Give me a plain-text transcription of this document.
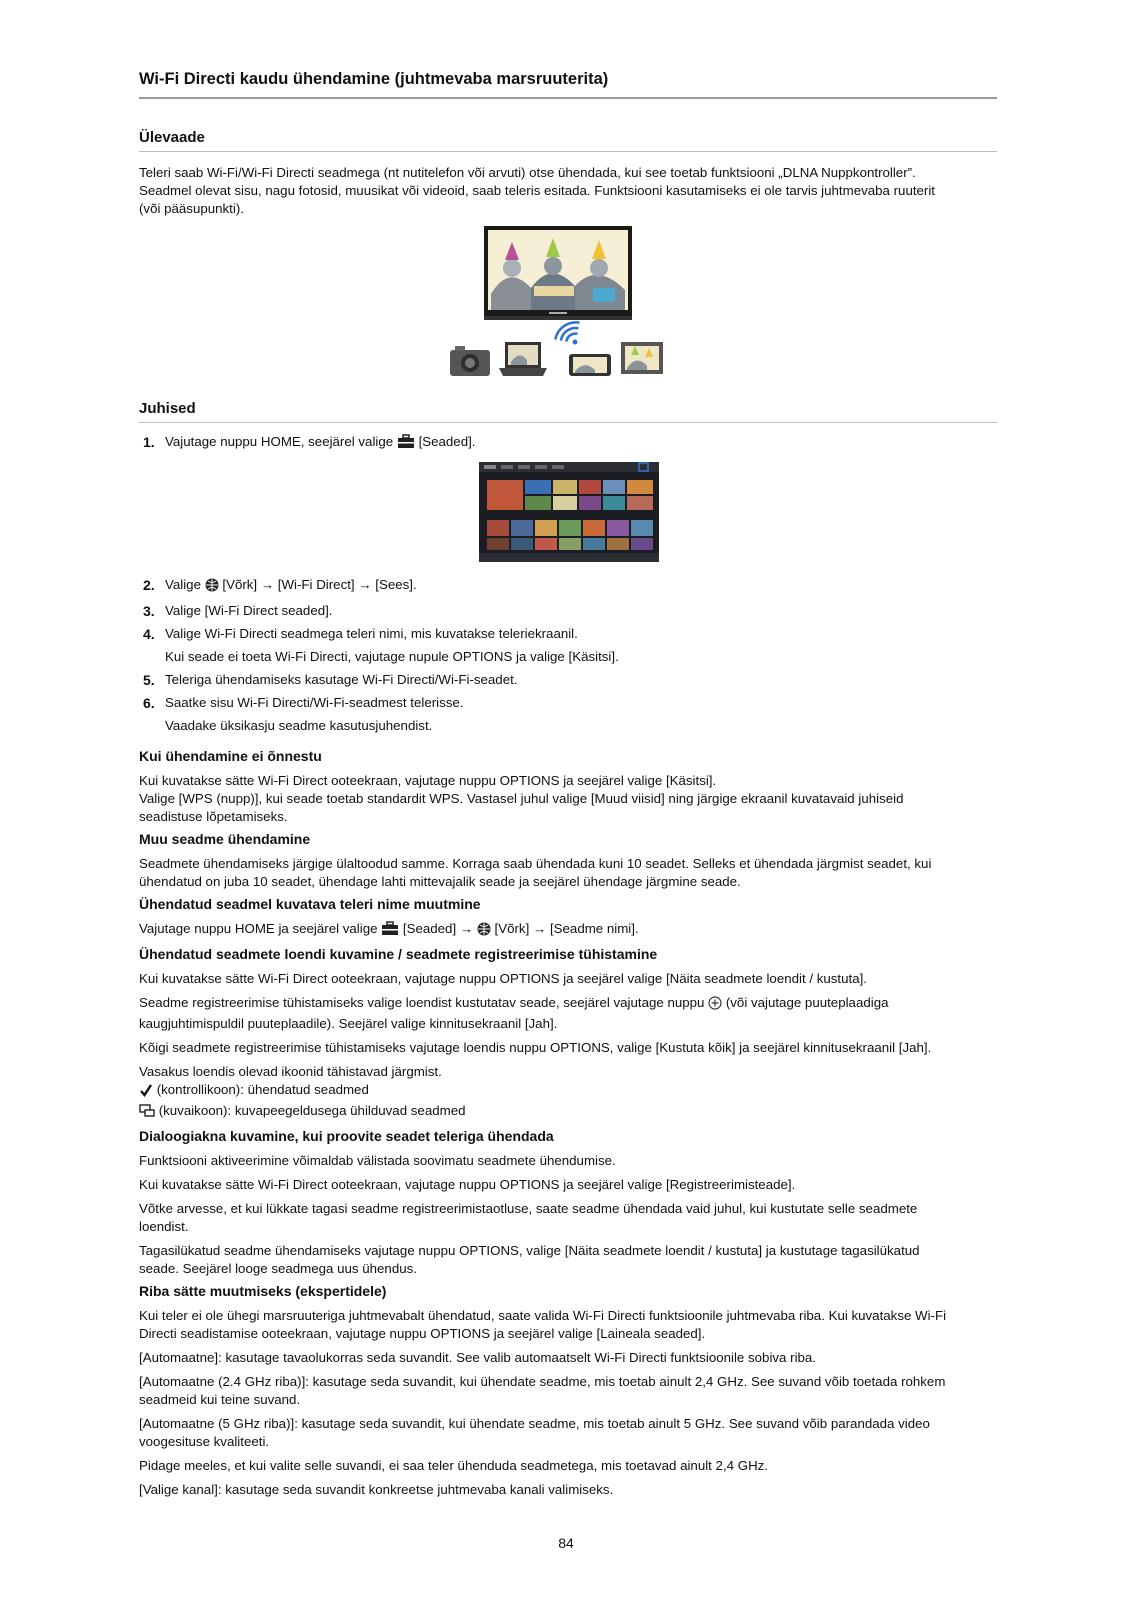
Wi-Fi Directi kaudu ühendamine (juhtmevaba marsruuterita)
Ülevaade

Teleri saab Wi-Fi/Wi-Fi Directi seadmega (nt nutitelefon või arvuti) otse ühendada, kui see toetab funktsiooni „DLNA Nuppkontroller”.

Seadmel olevat sisu, nagu fotosid, muusikat või videoid, saab teleris esitada. Funktsiooni kasutamiseks ei ole tarvis juhtmevaba ruuterit

(või pääsupunkti).

Juhised
1. Vajutage nuppu HOME, seejärel valige [Seaded].
2. Valige [Võrk] → [Wi-Fi Direct] → [Sees].
3. Valige [Wi-Fi Direct seaded].
4. Valige Wi-Fi Directi seadmega teleri nimi, mis kuvatakse teleriekraanil.
Kui seade ei toeta Wi-Fi Directi, vajutage nupule OPTIONS ja valige [Käsitsi].
5. Teleriga ühendamiseks kasutage Wi-Fi Directi/Wi-Fi-seadet.
6. Saatke sisu Wi-Fi Directi/Wi-Fi-seadmest telerisse.
Vaadake üksikasju seadme kasutusjuhendist.

Kui ühendamine ei õnnestu

Kui kuvatakse sätte Wi-Fi Direct ooteekraan, vajutage nuppu OPTIONS ja seejärel valige [Käsitsi].

Valige [WPS (nupp)], kui seade toetab standardit WPS. Vastasel juhul valige [Muud viisid] ning järgige ekraanil kuvatavaid juhiseid

seadistuse lõpetamiseks.

Muu seadme ühendamine

Seadmete ühendamiseks järgige ülaltoodud samme. Korraga saab ühendada kuni 10 seadet. Selleks et ühendada järgmist seadet, kui

ühendatud on juba 10 seadet, ühendage lahti mittevajalik seade ja seejärel ühendage järgmine seade.

Ühendatud seadmel kuvatava teleri nime muutmine

Vajutage nuppu HOME ja seejärel valige [Seaded] → [Võrk] → [Seadme nimi].

Ühendatud seadmete loendi kuvamine / seadmete registreerimise tühistamine

Kui kuvatakse sätte Wi-Fi Direct ooteekraan, vajutage nuppu OPTIONS ja seejärel valige [Näita seadmete loendit / kustuta].

Seadme registreerimise tühistamiseks valige loendist kustutatav seade, seejärel vajutage nuppu (või vajutage puuteplaadiga

kaugjuhtimispuldil puuteplaadile). Seejärel valige kinnitusekraanil [Jah].

Kõigi seadmete registreerimise tühistamiseks vajutage loendis nuppu OPTIONS, valige [Kustuta kõik] ja seejärel kinnitusekraanil [Jah].

Vasakus loendis olevad ikoonid tähistavad järgmist.

(kontrollikoon): ühendatud seadmed

(kuvaikoon): kuvapeegeldusega ühilduvad seadmed

Dialoogiakna kuvamine, kui proovite seadet teleriga ühendada

Funktsiooni aktiveerimine võimaldab välistada soovimatu seadmete ühendumise.

Kui kuvatakse sätte Wi-Fi Direct ooteekraan, vajutage nuppu OPTIONS ja seejärel valige [Registreerimisteade].

Võtke arvesse, et kui lükkate tagasi seadme registreerimistaotluse, saate seadme ühendada vaid juhul, kui kustutate selle seadmete

loendist.

Tagasilükatud seadme ühendamiseks vajutage nuppu OPTIONS, valige [Näita seadmete loendit / kustuta] ja kustutage tagasilükatud

seade. Seejärel looge seadmega uus ühendus.

Riba sätte muutmiseks (ekspertidele)

Kui teler ei ole ühegi marsruuteriga juhtmevabalt ühendatud, saate valida Wi-Fi Directi funktsioonile juhtmevaba riba. Kui kuvatakse Wi-Fi

Directi seadistamise ooteekraan, vajutage nuppu OPTIONS ja seejärel valige [Laineala seaded].

[Automaatne]: kasutage tavaolukorras seda suvandit. See valib automaatselt Wi-Fi Directi funktsioonile sobiva riba.

[Automaatne (2.4 GHz riba)]: kasutage seda suvandit, kui ühendate seadme, mis toetab ainult 2,4 GHz. See suvand võib toetada rohkem

seadmeid kui teine suvand.

[Automaatne (5 GHz riba)]: kasutage seda suvandit, kui ühendate seadme, mis toetab ainult 5 GHz. See suvand võib parandada video

voogesituse kvaliteeti.

Pidage meeles, et kui valite selle suvandi, ei saa teler ühenduda seadmetega, mis toetavad ainult 2,4 GHz.

[Valige kanal]: kasutage seda suvandit konkreetse juhtmevaba kanali valimiseks.

84
